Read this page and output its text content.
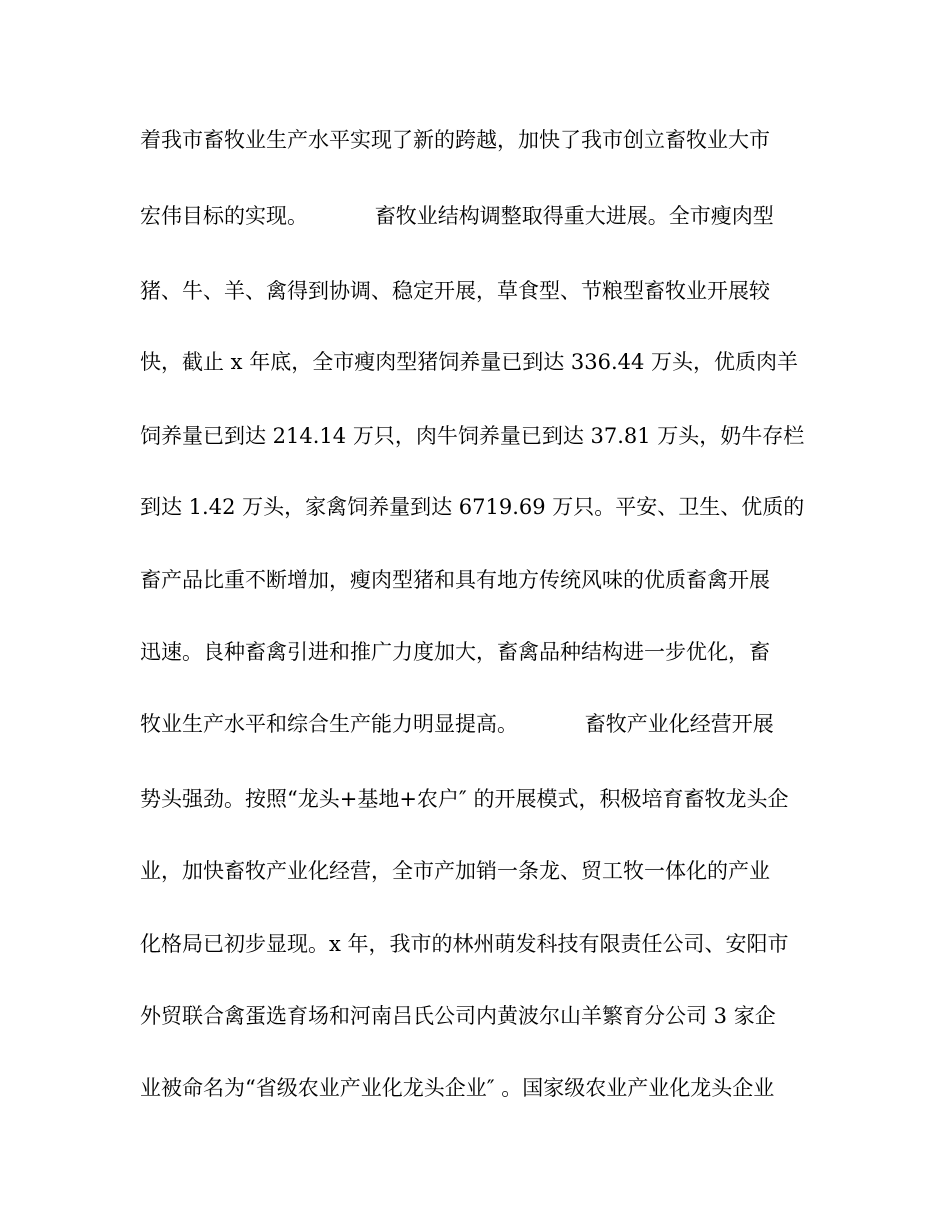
着我市畜牧业生产水平实现了新的跨越，加快了我市创立畜牧业大市
宏伟目标的实现。          畜牧业结构调整取得重大进展。全市瘦肉型
猪、牛、羊、禽得到协调、稳定开展，草食型、节粮型畜牧业开展较
快，截止 x 年底，全市瘦肉型猪饲养量已到达 336.44 万头，优质肉羊
饲养量已到达 214.14 万只，肉牛饲养量已到达 37.81 万头，奶牛存栏
到达 1.42 万头，家禽饲养量到达 6719.69 万只。平安、卫生、优质的
畜产品比重不断增加，瘦肉型猪和具有地方传统风味的优质畜禽开展
迅速。良种畜禽引进和推广力度加大，畜禽品种结构进一步优化，畜
牧业生产水平和综合生产能力明显提高。          畜牧产业化经营开展
势头强劲。按照“龙头+基地+农户″ 的开展模式，积极培育畜牧龙头企
业，加快畜牧产业化经营，全市产加销一条龙、贸工牧一体化的产业
化格局已初步显现。x 年，我市的林州萌发科技有限责任公司、安阳市
外贸联合禽蛋选育场和河南吕氏公司内黄波尔山羊繁育分公司 3 家企
业被命名为“省级农业产业化龙头企业″ 。国家级农业产业化龙头企业
